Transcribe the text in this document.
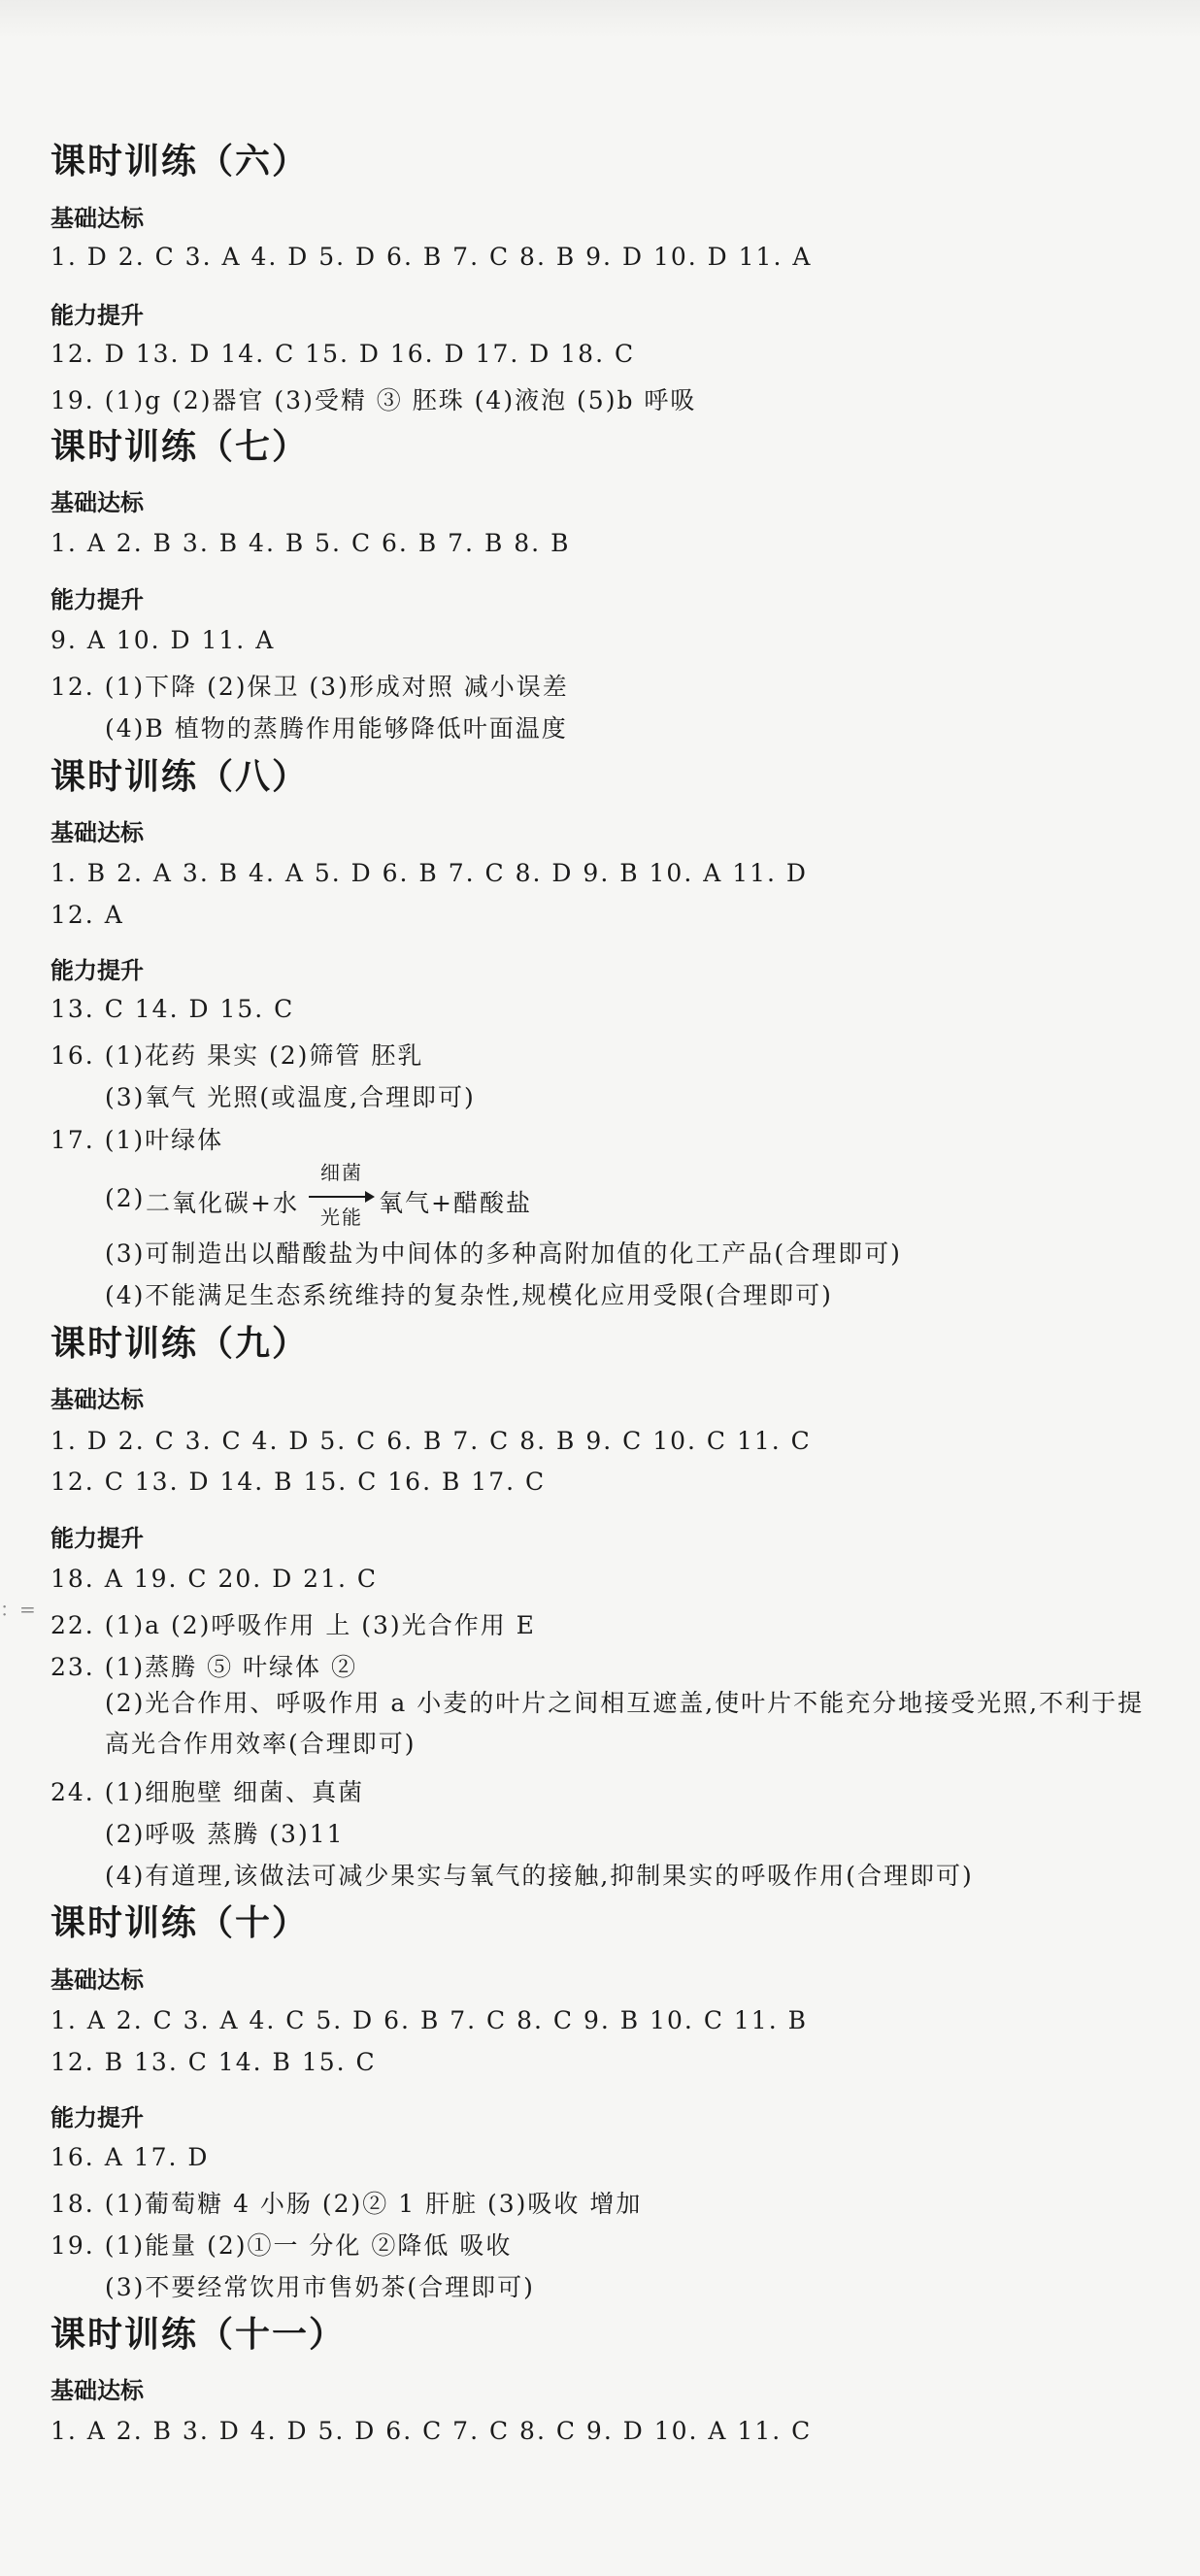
课时训练（六）
基础达标
1. D 2. C 3. A 4. D 5. D 6. B 7. C 8. B 9. D 10. D 11. A
能力提升
12. D 13. D 14. C 15. D 16. D 17. D 18. C
19. (1)g (2)器官 (3)受精 ③ 胚珠 (4)液泡 (5)b 呼吸
课时训练（七）
基础达标
1. A 2. B 3. B 4. B 5. C 6. B 7. B 8. B
能力提升
9. A 10. D 11. A
12. (1)下降 (2)保卫 (3)形成对照 减小误差
(4)B 植物的蒸腾作用能够降低叶面温度
课时训练（八）
基础达标
1. B 2. A 3. B 4. A 5. D 6. B 7. C 8. D 9. B 10. A 11. D
12. A
能力提升
13. C 14. D 15. C
16. (1)花药 果实 (2)筛管 胚乳
(3)氧气 光照(或温度,合理即可)
17. (1)叶绿体
(2) 二氧化碳+水
细菌
光能 氧气+醋酸盐
(3)可制造出以醋酸盐为中间体的多种高附加值的化工产品(合理即可)
(4)不能满足生态系统维持的复杂性,规模化应用受限(合理即可)
课时训练（九）
基础达标
1. D 2. C 3. C 4. D 5. C 6. B 7. C 8. B 9. C 10. C 11. C
12. C 13. D 14. B 15. C 16. B 17. C
能力提升
18. A 19. C 20. D 21. C
22. (1)a (2)呼吸作用 上 (3)光合作用 E
23. (1)蒸腾 ⑤ 叶绿体 ②
(2)光合作用、呼吸作用 a 小麦的叶片之间相互遮盖,使叶片不能充分地接受光照,不利于提高光合作用效率(合理即可)
24. (1)细胞壁 细菌、真菌
(2)呼吸 蒸腾 (3)11
(4)有道理,该做法可减少果实与氧气的接触,抑制果实的呼吸作用(合理即可)
课时训练（十）
基础达标
1. A 2. C 3. A 4. C 5. D 6. B 7. C 8. C 9. B 10. C 11. B
12. B 13. C 14. B 15. C
能力提升
16. A 17. D
18. (1)葡萄糖 4 小肠 (2)② 1 肝脏 (3)吸收 增加
19. (1)能量 (2)①一 分化 ②降低 吸收
(3)不要经常饮用市售奶茶(合理即可)
课时训练（十一）
基础达标
1. A 2. B 3. D 4. D 5. D 6. C 7. C 8. C 9. D 10. A 11. C
：=
